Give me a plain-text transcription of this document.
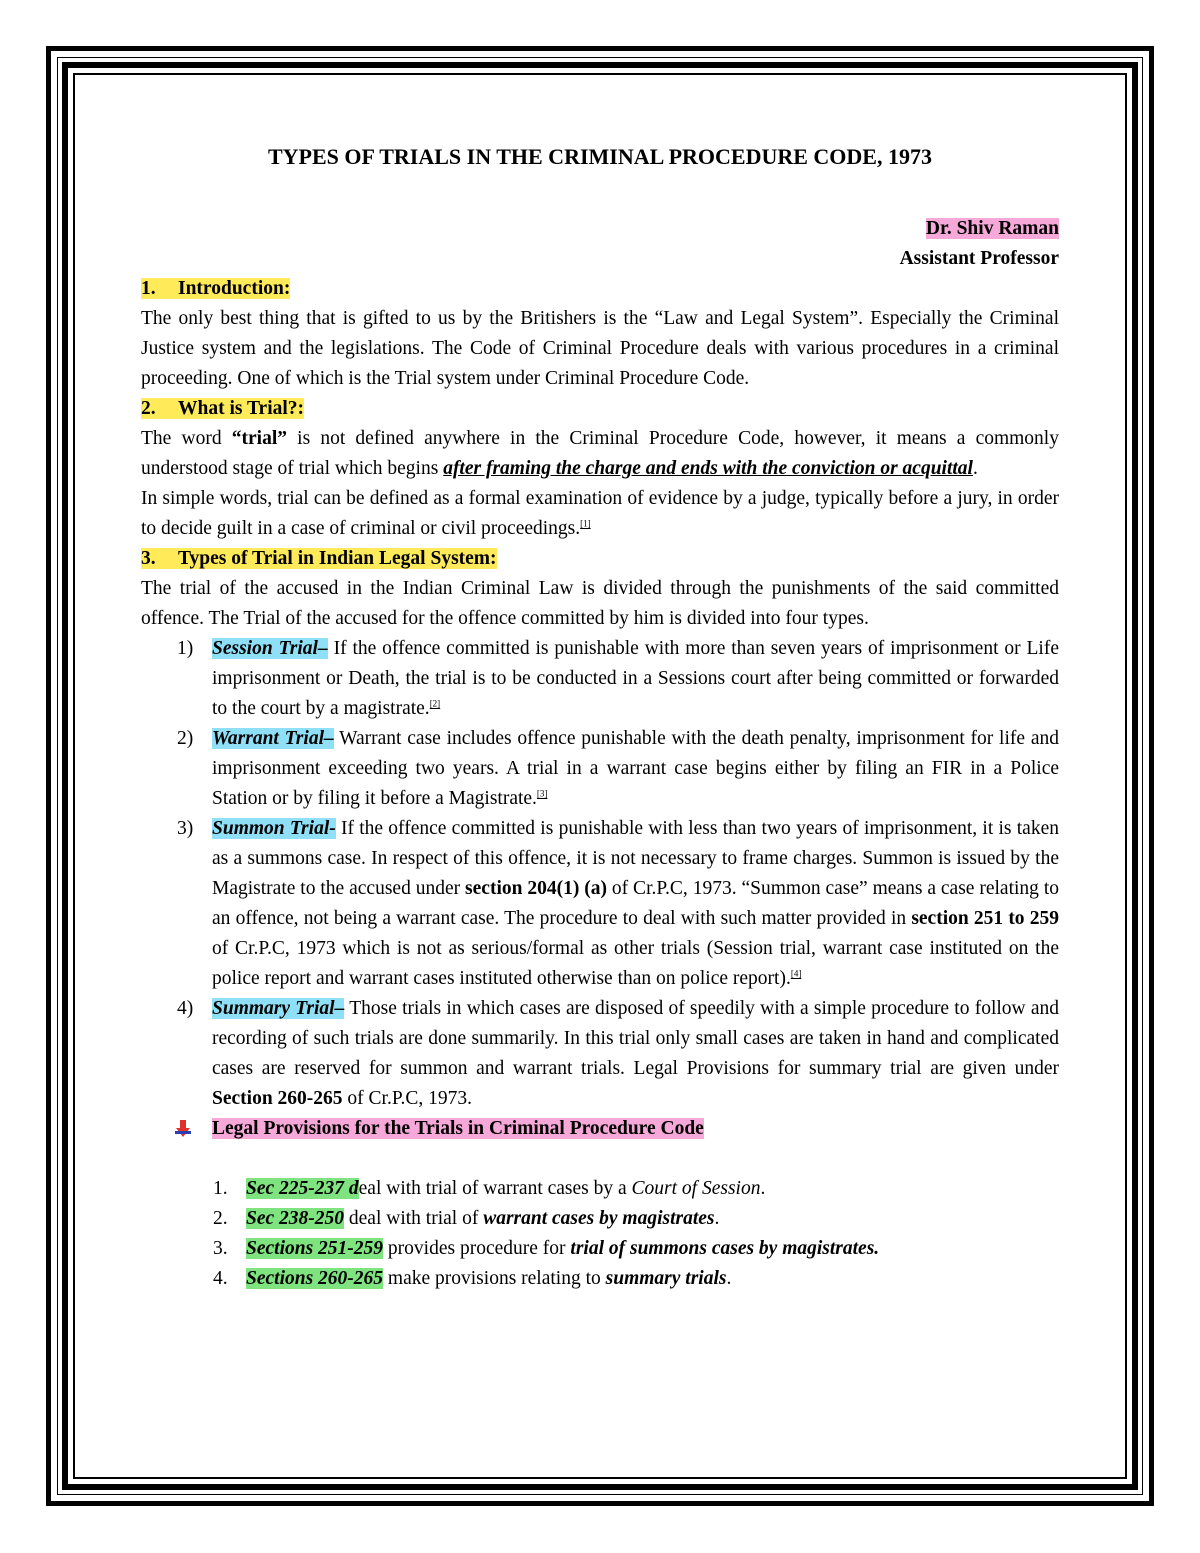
TYPES OF TRIALS IN THE CRIMINAL PROCEDURE CODE, 1973
Dr. Shiv Raman
Assistant Professor
1. Introduction:

The only best thing that is gifted to us by the Britishers is the “Law and Legal System”. Especially the Criminal Justice system and the legislations. The Code of Criminal Procedure deals with various procedures in a criminal proceeding. One of which is the Trial system under Criminal Procedure Code.

2. What is Trial?:

The word “trial” is not defined anywhere in the Criminal Procedure Code, however, it means a commonly understood stage of trial which begins after framing the charge and ends with the conviction or acquittal.

In simple words, trial can be defined as a formal examination of evidence by a judge, typically before a jury, in order to decide guilt in a case of criminal or civil proceedings.[1]

3. Types of Trial in Indian Legal System:

The trial of the accused in the Indian Criminal Law is divided through the punishments of the said committed offence. The Trial of the accused for the offence committed by him is divided into four types.

1) Session Trial– If the offence committed is punishable with more than seven years of imprisonment or Life imprisonment or Death, the trial is to be conducted in a Sessions court after being committed or forwarded to the court by a magistrate.[2]
2) Warrant Trial– Warrant case includes offence punishable with the death penalty, imprisonment for life and imprisonment exceeding two years. A trial in a warrant case begins either by filing an FIR in a Police Station or by filing it before a Magistrate.[3]
3) Summon Trial- If the offence committed is punishable with less than two years of imprisonment, it is taken as a summons case. In respect of this offence, it is not necessary to frame charges. Summon is issued by the Magistrate to the accused under section 204(1) (a) of Cr.P.C, 1973. “Summon case” means a case relating to an offence, not being a warrant case. The procedure to deal with such matter provided in section 251 to 259 of Cr.P.C, 1973 which is not as serious/formal as other trials (Session trial, warrant case instituted on the police report and warrant cases instituted otherwise than on police report).[4]
4) Summary Trial– Those trials in which cases are disposed of speedily with a simple procedure to follow and recording of such trials are done summarily. In this trial only small cases are taken in hand and complicated cases are reserved for summon and warrant trials. Legal Provisions for summary trial are given under Section 260-265 of Cr.P.C, 1973.
Legal Provisions for the Trials in Criminal Procedure Code
1. Sec 225-237 deal with trial of warrant cases by a Court of Session.
2. Sec 238-250 deal with trial of warrant cases by magistrates.
3. Sections 251-259 provides procedure for trial of summons cases by magistrates.
4. Sections 260-265 make provisions relating to summary trials.
